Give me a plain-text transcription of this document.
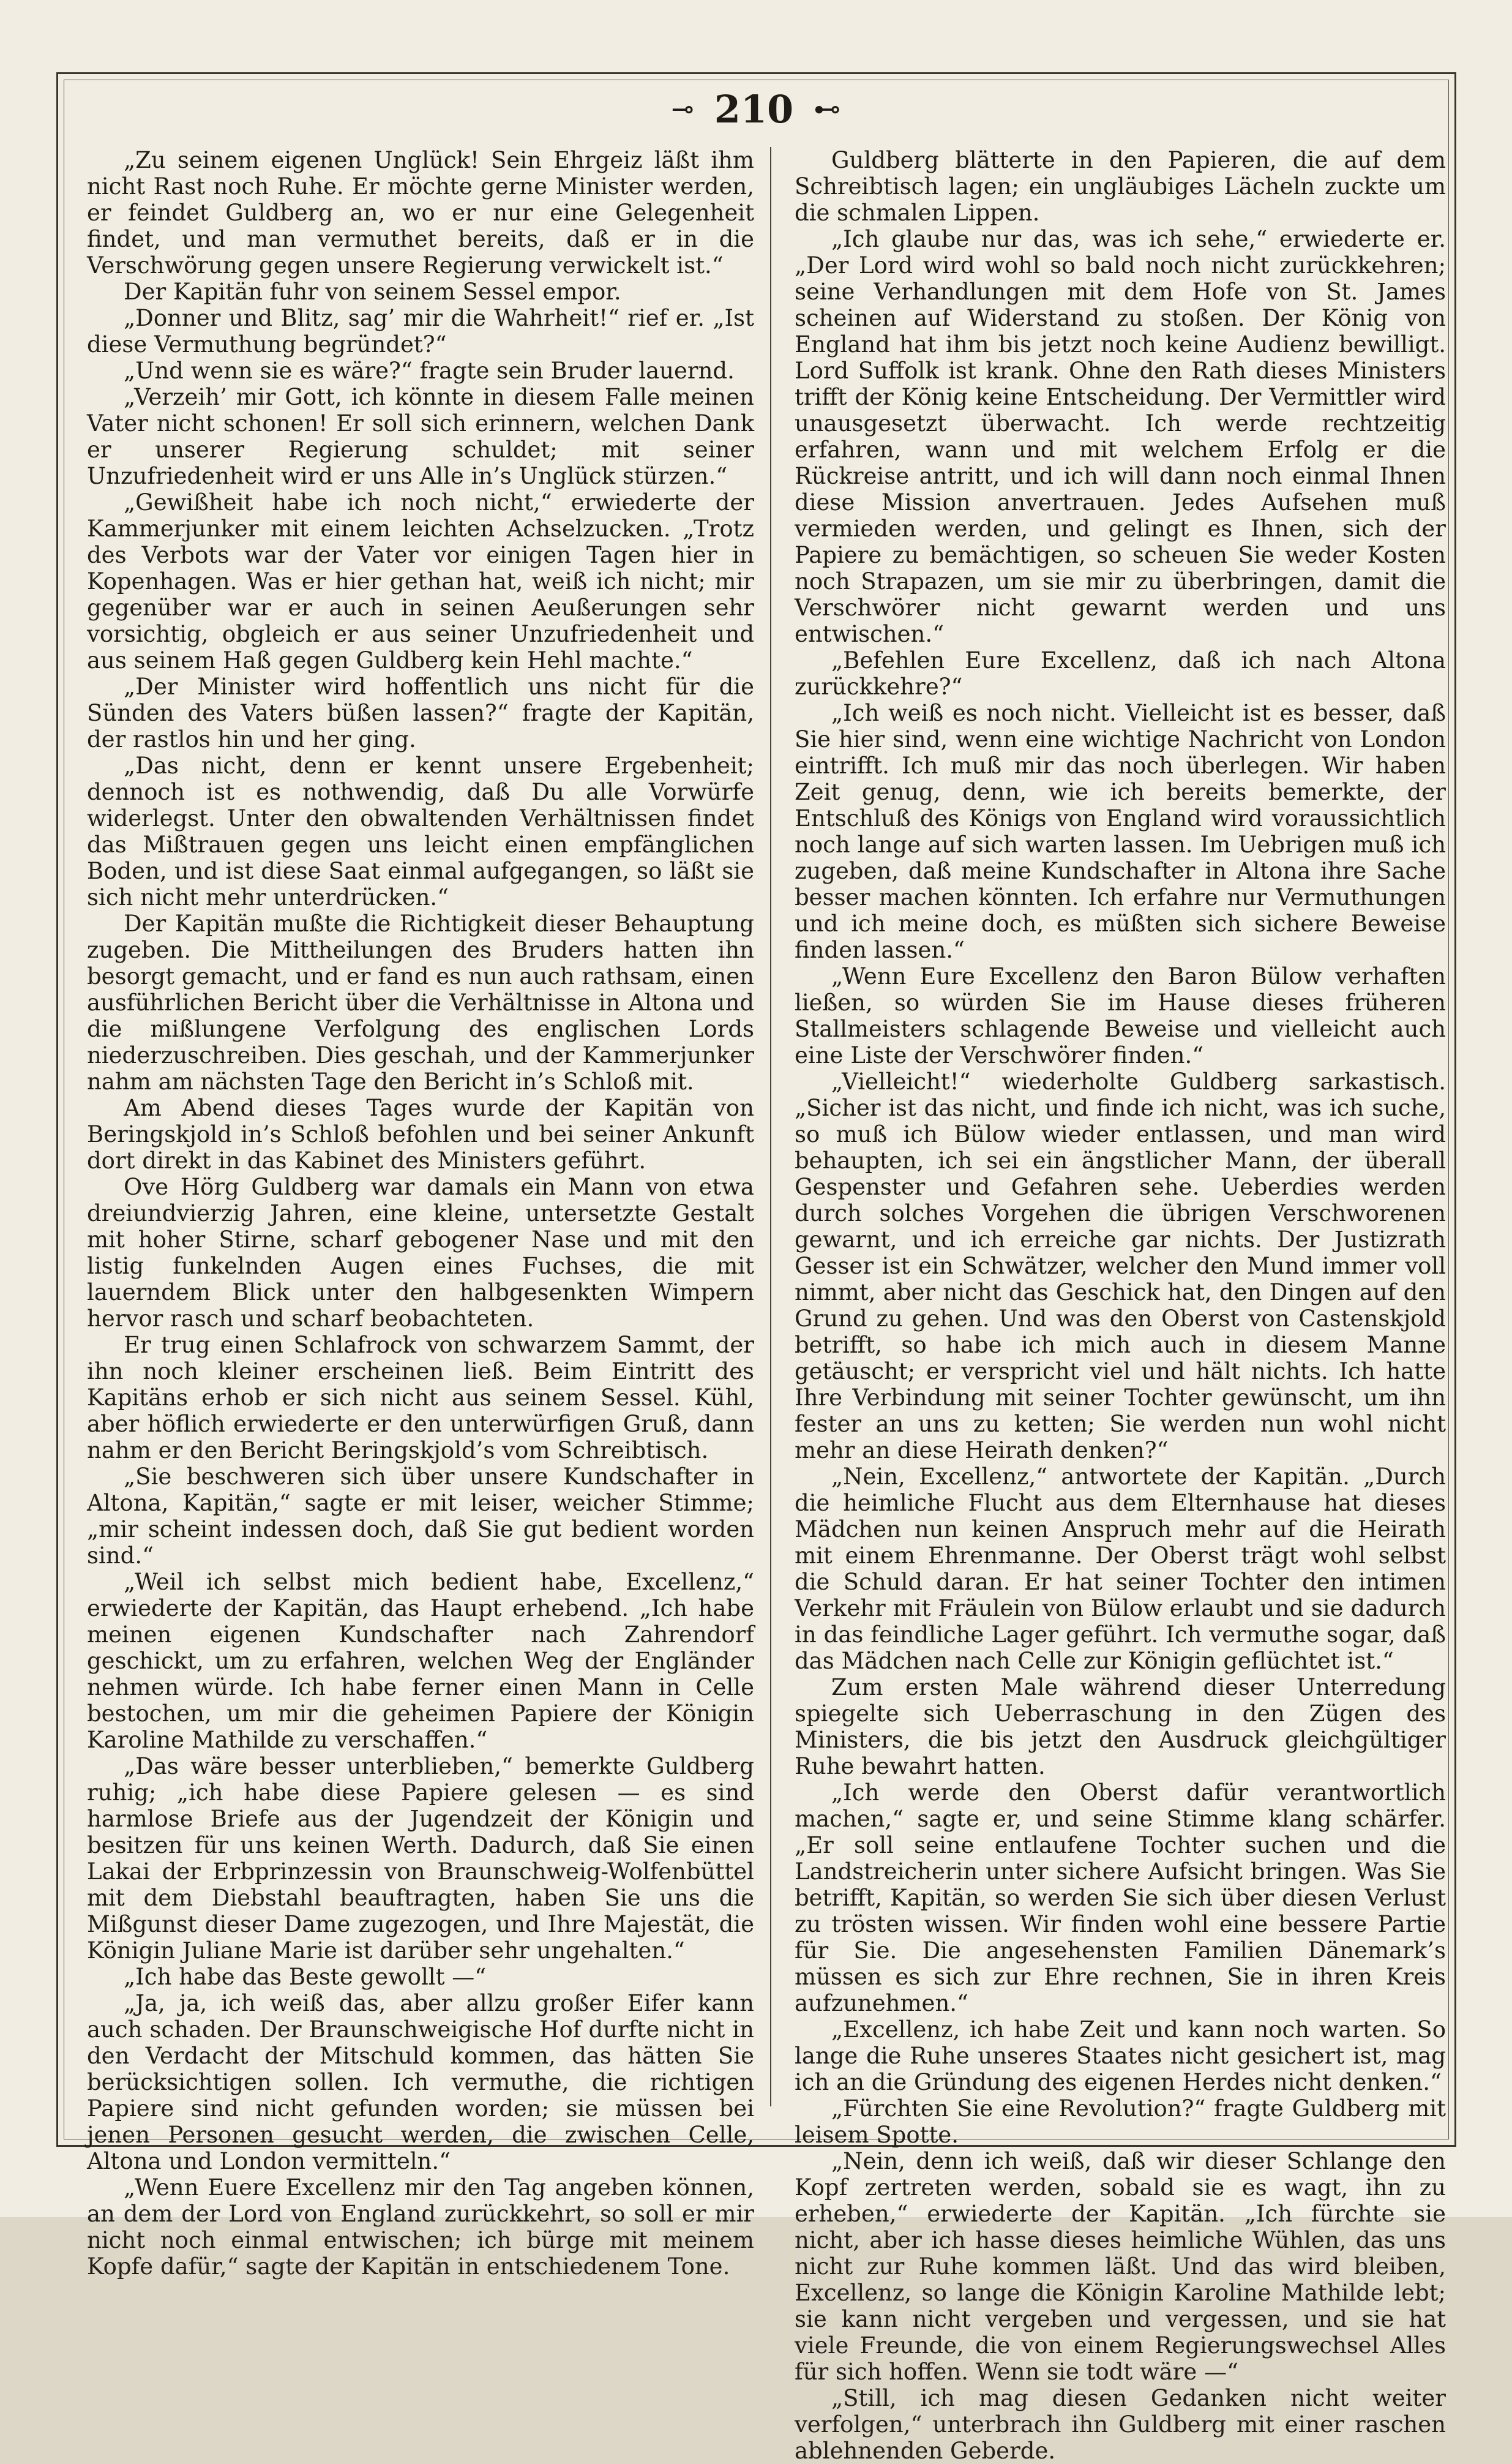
⊸ 210 ⊷

„Zu seinem eigenen Unglück! Sein Ehrgeiz läßt ihm nicht Rast noch Ruhe. Er möchte gerne Minister werden, er feindet Guldberg an, wo er nur eine Gelegenheit findet, und man vermuthet bereits, daß er in die Verschwörung gegen unsere Regierung verwickelt ist.“

Der Kapitän fuhr von seinem Sessel empor.

„Donner und Blitz, sag’ mir die Wahrheit!“ rief er. „Ist diese Vermuthung begründet?“

„Und wenn sie es wäre?“ fragte sein Bruder lauernd.

„Verzeih’ mir Gott, ich könnte in diesem Falle meinen Vater nicht schonen! Er soll sich erinnern, welchen Dank er unserer Regierung schuldet; mit seiner Unzufriedenheit wird er uns Alle in’s Unglück stürzen.“

„Gewißheit habe ich noch nicht,“ erwiederte der Kammerjunker mit einem leichten Achselzucken. „Trotz des Verbots war der Vater vor einigen Tagen hier in Kopenhagen. Was er hier gethan hat, weiß ich nicht; mir gegenüber war er auch in seinen Aeußerungen sehr vorsichtig, obgleich er aus seiner Unzufriedenheit und aus seinem Haß gegen Guldberg kein Hehl machte.“

„Der Minister wird hoffentlich uns nicht für die Sünden des Vaters büßen lassen?“ fragte der Kapitän, der rastlos hin und her ging.

„Das nicht, denn er kennt unsere Ergebenheit; dennoch ist es nothwendig, daß Du alle Vorwürfe widerlegst. Unter den obwaltenden Verhältnissen findet das Mißtrauen gegen uns leicht einen empfänglichen Boden, und ist diese Saat einmal aufgegangen, so läßt sie sich nicht mehr unterdrücken.“

Der Kapitän mußte die Richtigkeit dieser Behauptung zugeben. Die Mittheilungen des Bruders hatten ihn besorgt gemacht, und er fand es nun auch rathsam, einen ausführlichen Bericht über die Verhältnisse in Altona und die mißlungene Verfolgung des englischen Lords niederzuschreiben. Dies geschah, und der Kammerjunker nahm am nächsten Tage den Bericht in’s Schloß mit.

Am Abend dieses Tages wurde der Kapitän von Beringskjold in’s Schloß befohlen und bei seiner Ankunft dort direkt in das Kabinet des Ministers geführt.

Ove Hörg Guldberg war damals ein Mann von etwa dreiundvierzig Jahren, eine kleine, untersetzte Gestalt mit hoher Stirne, scharf gebogener Nase und mit den listig funkelnden Augen eines Fuchses, die mit lauerndem Blick unter den halbgesenkten Wimpern hervor rasch und scharf beobachteten.

Er trug einen Schlafrock von schwarzem Sammt, der ihn noch kleiner erscheinen ließ. Beim Eintritt des Kapitäns erhob er sich nicht aus seinem Sessel. Kühl, aber höflich erwiederte er den unterwürfigen Gruß, dann nahm er den Bericht Beringskjold’s vom Schreibtisch.

„Sie beschweren sich über unsere Kundschafter in Altona, Kapitän,“ sagte er mit leiser, weicher Stimme; „mir scheint indessen doch, daß Sie gut bedient worden sind.“

„Weil ich selbst mich bedient habe, Excellenz,“ erwiederte der Kapitän, das Haupt erhebend. „Ich habe meinen eigenen Kundschafter nach Zahrendorf geschickt, um zu erfahren, welchen Weg der Engländer nehmen würde. Ich habe ferner einen Mann in Celle bestochen, um mir die geheimen Papiere der Königin Karoline Mathilde zu verschaffen.“

„Das wäre besser unterblieben,“ bemerkte Guldberg ruhig; „ich habe diese Papiere gelesen — es sind harmlose Briefe aus der Jugendzeit der Königin und besitzen für uns keinen Werth. Dadurch, daß Sie einen Lakai der Erbprinzessin von Braunschweig-Wolfenbüttel mit dem Diebstahl beauftragten, haben Sie uns die Mißgunst dieser Dame zugezogen, und Ihre Majestät, die Königin Juliane Marie ist darüber sehr ungehalten.“

„Ich habe das Beste gewollt —“

„Ja, ja, ich weiß das, aber allzu großer Eifer kann auch schaden. Der Braunschweigische Hof durfte nicht in den Verdacht der Mitschuld kommen, das hätten Sie berücksichtigen sollen. Ich vermuthe, die richtigen Papiere sind nicht gefunden worden; sie müssen bei jenen Personen gesucht werden, die zwischen Celle, Altona und London vermitteln.“

„Wenn Euere Excellenz mir den Tag angeben können, an dem der Lord von England zurückkehrt, so soll er mir nicht noch einmal entwischen; ich bürge mit meinem Kopfe dafür,“ sagte der Kapitän in entschiedenem Tone.

Guldberg blätterte in den Papieren, die auf dem Schreibtisch lagen; ein ungläubiges Lächeln zuckte um die schmalen Lippen.

„Ich glaube nur das, was ich sehe,“ erwiederte er. „Der Lord wird wohl so bald noch nicht zurückkehren; seine Verhandlungen mit dem Hofe von St. James scheinen auf Widerstand zu stoßen. Der König von England hat ihm bis jetzt noch keine Audienz bewilligt. Lord Suffolk ist krank. Ohne den Rath dieses Ministers trifft der König keine Entscheidung. Der Vermittler wird unausgesetzt überwacht. Ich werde rechtzeitig erfahren, wann und mit welchem Erfolg er die Rückreise antritt, und ich will dann noch einmal Ihnen diese Mission anvertrauen. Jedes Aufsehen muß vermieden werden, und gelingt es Ihnen, sich der Papiere zu bemächtigen, so scheuen Sie weder Kosten noch Strapazen, um sie mir zu überbringen, damit die Verschwörer nicht gewarnt werden und uns entwischen.“

„Befehlen Eure Excellenz, daß ich nach Altona zurückkehre?“

„Ich weiß es noch nicht. Vielleicht ist es besser, daß Sie hier sind, wenn eine wichtige Nachricht von London eintrifft. Ich muß mir das noch überlegen. Wir haben Zeit genug, denn, wie ich bereits bemerkte, der Entschluß des Königs von England wird voraussichtlich noch lange auf sich warten lassen. Im Uebrigen muß ich zugeben, daß meine Kundschafter in Altona ihre Sache besser machen könnten. Ich erfahre nur Vermuthungen und ich meine doch, es müßten sich sichere Beweise finden lassen.“

„Wenn Eure Excellenz den Baron Bülow verhaften ließen, so würden Sie im Hause dieses früheren Stallmeisters schlagende Beweise und vielleicht auch eine Liste der Verschwörer finden.“

„Vielleicht!“ wiederholte Guldberg sarkastisch. „Sicher ist das nicht, und finde ich nicht, was ich suche, so muß ich Bülow wieder entlassen, und man wird behaupten, ich sei ein ängstlicher Mann, der überall Gespenster und Gefahren sehe. Ueberdies werden durch solches Vorgehen die übrigen Verschworenen gewarnt, und ich erreiche gar nichts. Der Justizrath Gesser ist ein Schwätzer, welcher den Mund immer voll nimmt, aber nicht das Geschick hat, den Dingen auf den Grund zu gehen. Und was den Oberst von Castenskjold betrifft, so habe ich mich auch in diesem Manne getäuscht; er verspricht viel und hält nichts. Ich hatte Ihre Verbindung mit seiner Tochter gewünscht, um ihn fester an uns zu ketten; Sie werden nun wohl nicht mehr an diese Heirath denken?“

„Nein, Excellenz,“ antwortete der Kapitän. „Durch die heimliche Flucht aus dem Elternhause hat dieses Mädchen nun keinen Anspruch mehr auf die Heirath mit einem Ehrenmanne. Der Oberst trägt wohl selbst die Schuld daran. Er hat seiner Tochter den intimen Verkehr mit Fräulein von Bülow erlaubt und sie dadurch in das feindliche Lager geführt. Ich vermuthe sogar, daß das Mädchen nach Celle zur Königin geflüchtet ist.“

Zum ersten Male während dieser Unterredung spiegelte sich Ueberraschung in den Zügen des Ministers, die bis jetzt den Ausdruck gleichgültiger Ruhe bewahrt hatten.

„Ich werde den Oberst dafür verantwortlich machen,“ sagte er, und seine Stimme klang schärfer. „Er soll seine entlaufene Tochter suchen und die Landstreicherin unter sichere Aufsicht bringen. Was Sie betrifft, Kapitän, so werden Sie sich über diesen Verlust zu trösten wissen. Wir finden wohl eine bessere Partie für Sie. Die angesehensten Familien Dänemark’s müssen es sich zur Ehre rechnen, Sie in ihren Kreis aufzunehmen.“

„Excellenz, ich habe Zeit und kann noch warten. So lange die Ruhe unseres Staates nicht gesichert ist, mag ich an die Gründung des eigenen Herdes nicht denken.“

„Fürchten Sie eine Revolution?“ fragte Guldberg mit leisem Spotte.

„Nein, denn ich weiß, daß wir dieser Schlange den Kopf zertreten werden, sobald sie es wagt, ihn zu erheben,“ erwiederte der Kapitän. „Ich fürchte sie nicht, aber ich hasse dieses heimliche Wühlen, das uns nicht zur Ruhe kommen läßt. Und das wird bleiben, Excellenz, so lange die Königin Karoline Mathilde lebt; sie kann nicht vergeben und vergessen, und sie hat viele Freunde, die von einem Regierungswechsel Alles für sich hoffen. Wenn sie todt wäre —“

„Still, ich mag diesen Gedanken nicht weiter verfolgen,“ unterbrach ihn Guldberg mit einer raschen ablehnenden Geberde.
